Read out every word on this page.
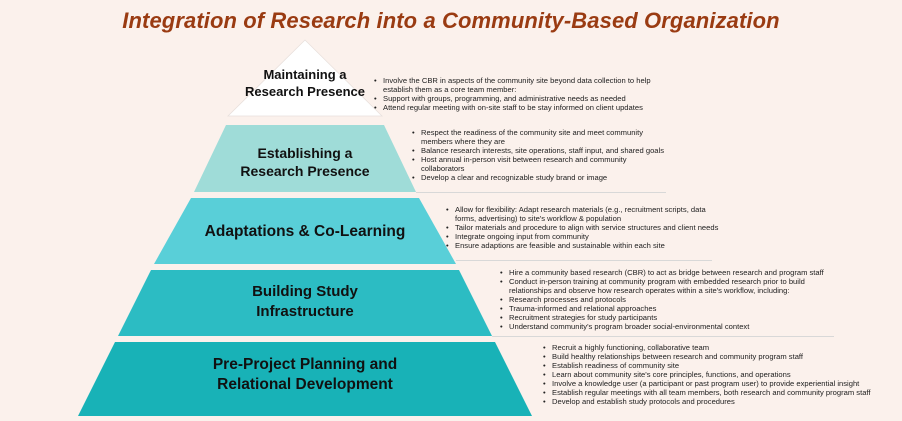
Integration of Research into a Community-Based Organization
Maintaining a
Research Presence
Establishing a
Research Presence
Adaptations & Co-Learning
Building Study
Infrastructure
Pre-Project Planning and
Relational Development
• Involve the CBR in aspects of the community site beyond data collection to help establish them as a core team member:
• Support with groups, programming, and administrative needs as needed
• Attend regular meeting with on-site staff to be stay informed on client updates
• Respect the readiness of the community site and meet community members where they are
• Balance research interests, site operations, staff input, and shared goals
• Host annual in-person visit between research and community collaborators
• Develop a clear and recognizable study brand or image
• Allow for flexibility: Adapt research materials (e.g., recruitment scripts, data forms, advertising) to site's workflow & population
• Tailor materials and procedure to align with service structures and client needs
• Integrate ongoing input from community
• Ensure adaptions are feasible and sustainable within each site
• Hire a community based research (CBR) to act as bridge between research and program staff
• Conduct in-person training at community program with embedded research prior to build relationships and observe how research operates within a site's workflow, including:
• Research processes and protocols
• Trauma-informed and relational approaches
• Recruitment strategies for study participants
• Understand community's program broader social-environmental context
• Recruit a highly functioning, collaborative team
• Build healthy relationships between research and community program staff
• Establish readiness of community site
• Learn about community site's core principles, functions, and operations
• Involve a knowledge user (a participant or past program user) to provide experiential insight
• Establish regular meetings with all team members, both research and community program staff
• Develop and establish study protocols and procedures
